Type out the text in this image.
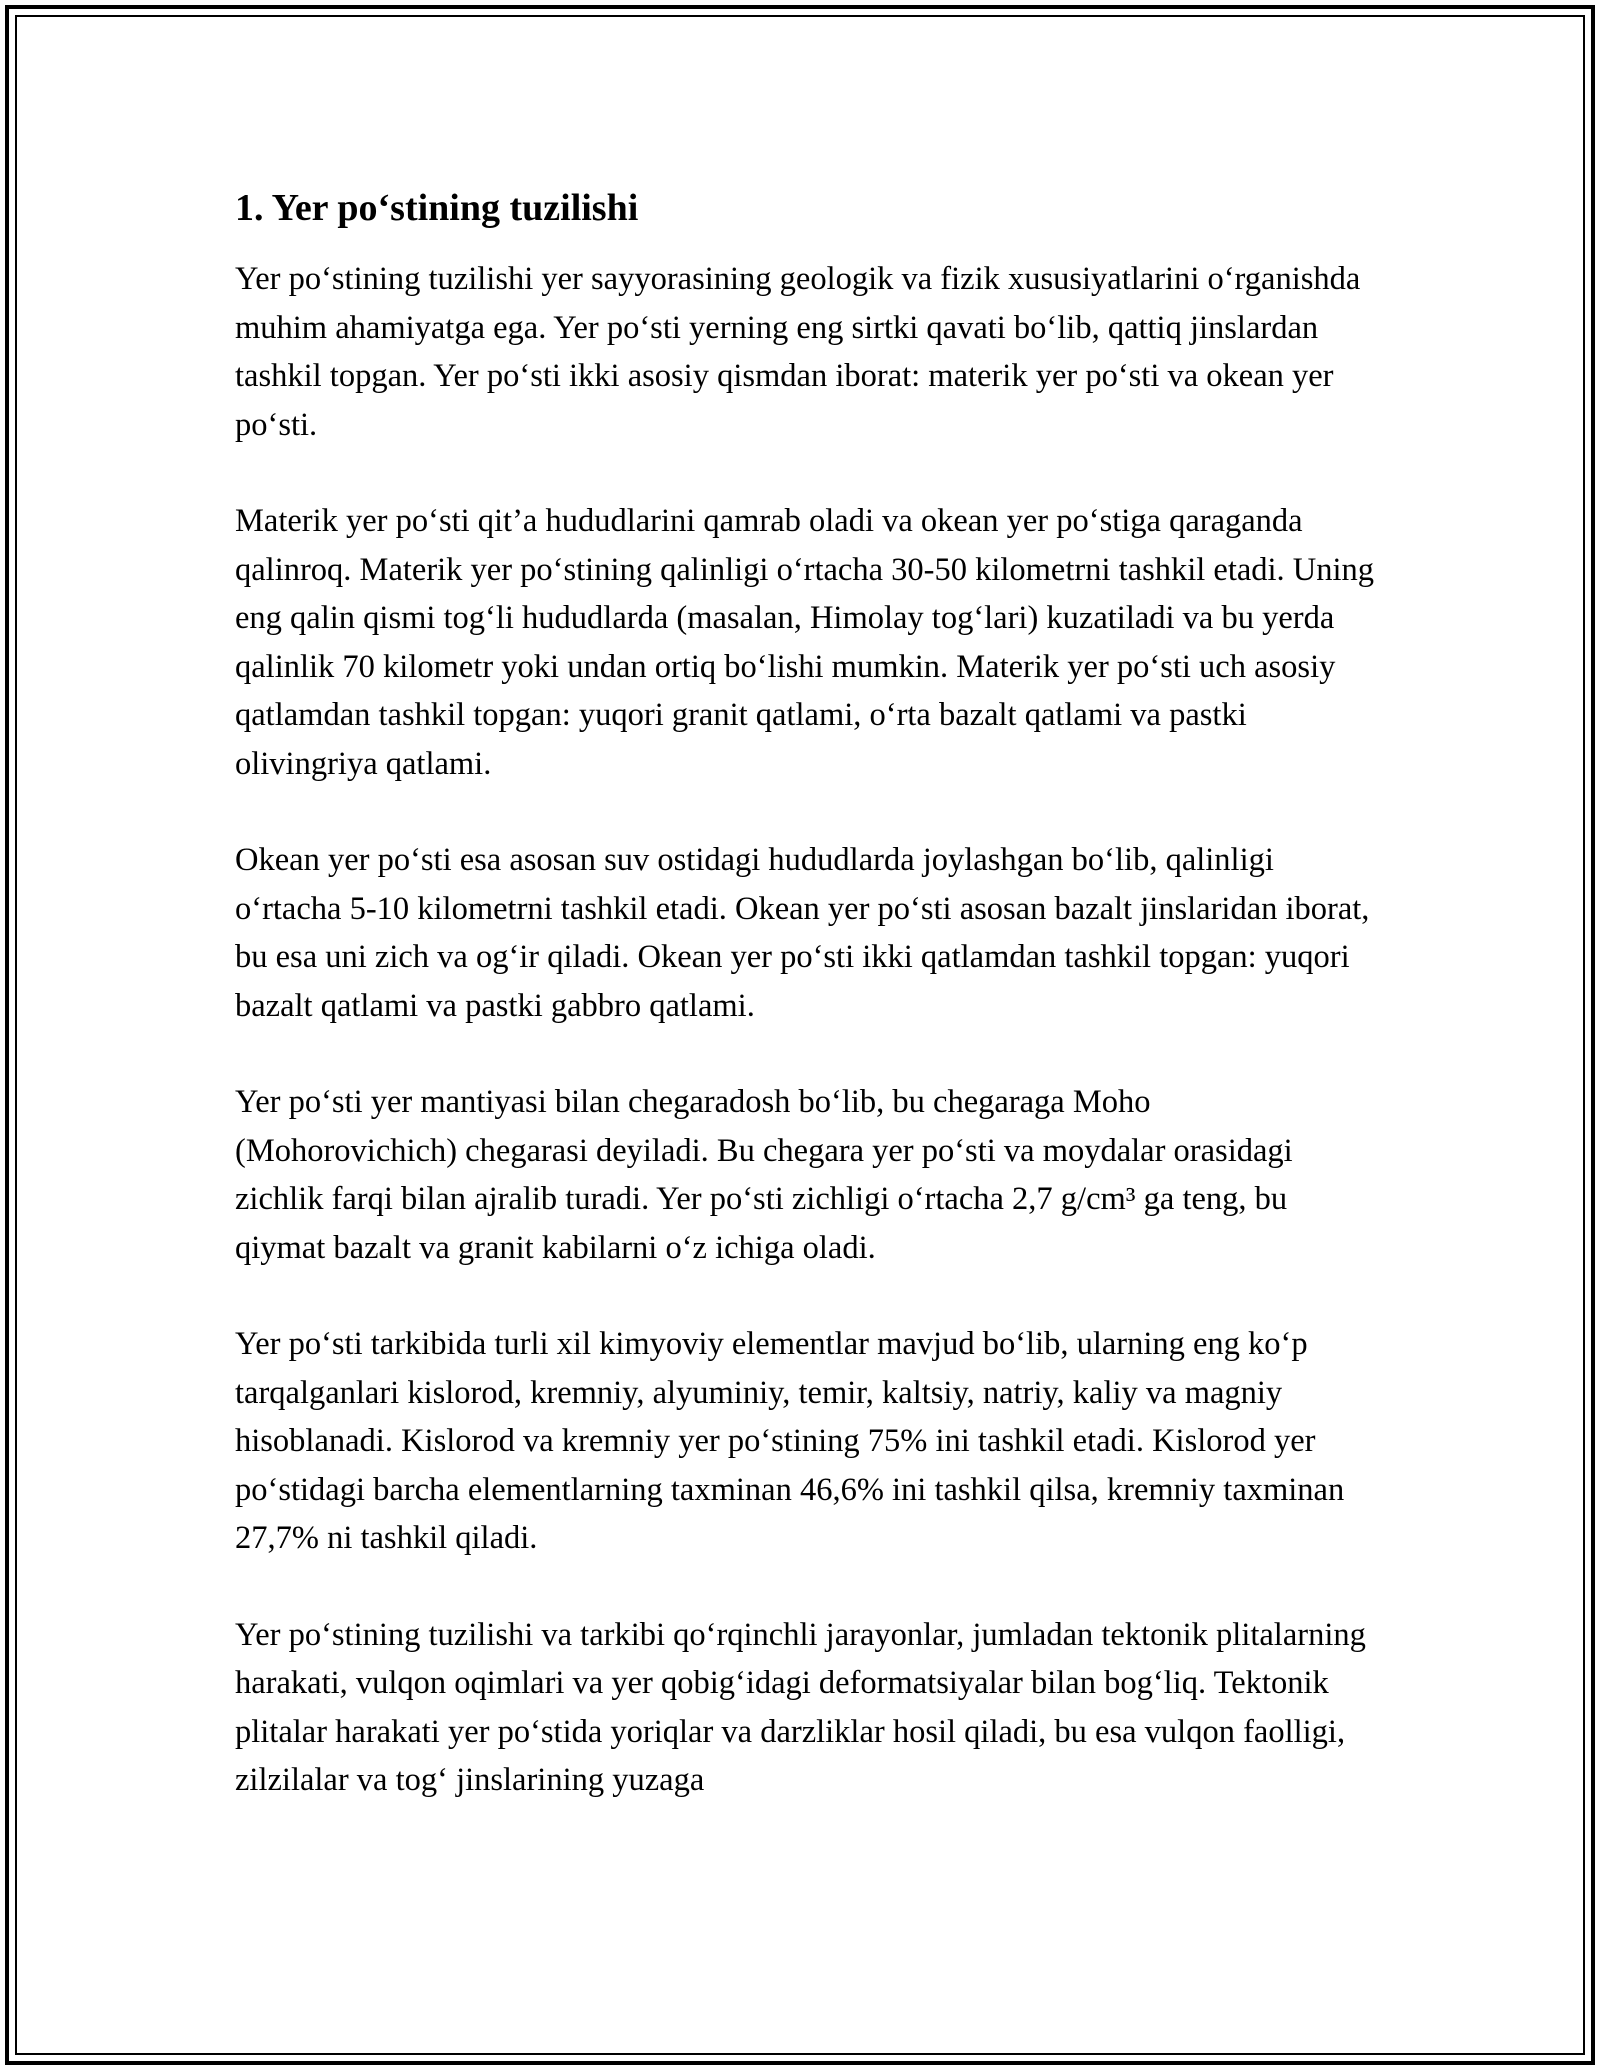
1. Yer po‘stining tuzilishi

Yer po‘stining tuzilishi yer sayyorasining geologik va fizik xususiyatlarini o‘rganishda muhim ahamiyatga ega. Yer po‘sti yerning eng sirtki qavati bo‘lib, qattiq jinslardan tashkil topgan. Yer po‘sti ikki asosiy qismdan iborat: materik yer po‘sti va okean yer po‘sti.

Materik yer po‘sti qit’a hududlarini qamrab oladi va okean yer po‘stiga qaraganda qalinroq. Materik yer po‘stining qalinligi o‘rtacha 30-50 kilometrni tashkil etadi. Uning eng qalin qismi tog‘li hududlarda (masalan, Himolay tog‘lari) kuzatiladi va bu yerda qalinlik 70 kilometr yoki undan ortiq bo‘lishi mumkin. Materik yer po‘sti uch asosiy qatlamdan tashkil topgan: yuqori granit qatlami, o‘rta bazalt qatlami va pastki olivingriya qatlami.

Okean yer po‘sti esa asosan suv ostidagi hududlarda joylashgan bo‘lib, qalinligi o‘rtacha 5-10 kilometrni tashkil etadi. Okean yer po‘sti asosan bazalt jinslaridan iborat, bu esa uni zich va og‘ir qiladi. Okean yer po‘sti ikki qatlamdan tashkil topgan: yuqori bazalt qatlami va pastki gabbro qatlami.

Yer po‘sti yer mantiyasi bilan chegaradosh bo‘lib, bu chegaraga Moho (Mohorovichich) chegarasi deyiladi. Bu chegara yer po‘sti va moydalar orasidagi zichlik farqi bilan ajralib turadi. Yer po‘sti zichligi o‘rtacha 2,7 g/cm³ ga teng, bu qiymat bazalt va granit kabilarni o‘z ichiga oladi.

Yer po‘sti tarkibida turli xil kimyoviy elementlar mavjud bo‘lib, ularning eng ko‘p tarqalganlari kislorod, kremniy, alyuminiy, temir, kaltsiy, natriy, kaliy va magniy hisoblanadi. Kislorod va kremniy yer po‘stining 75% ini tashkil etadi. Kislorod yer po‘stidagi barcha elementlarning taxminan 46,6% ini tashkil qilsa, kremniy taxminan 27,7% ni tashkil qiladi.

Yer po‘stining tuzilishi va tarkibi qo‘rqinchli jarayonlar, jumladan tektonik plitalarning harakati, vulqon oqimlari va yer qobig‘idagi deformatsiyalar bilan bog‘liq. Tektonik plitalar harakati yer po‘stida yoriqlar va darzliklar hosil qiladi, bu esa vulqon faolligi, zilzilalar va tog‘ jinslarining yuzaga
